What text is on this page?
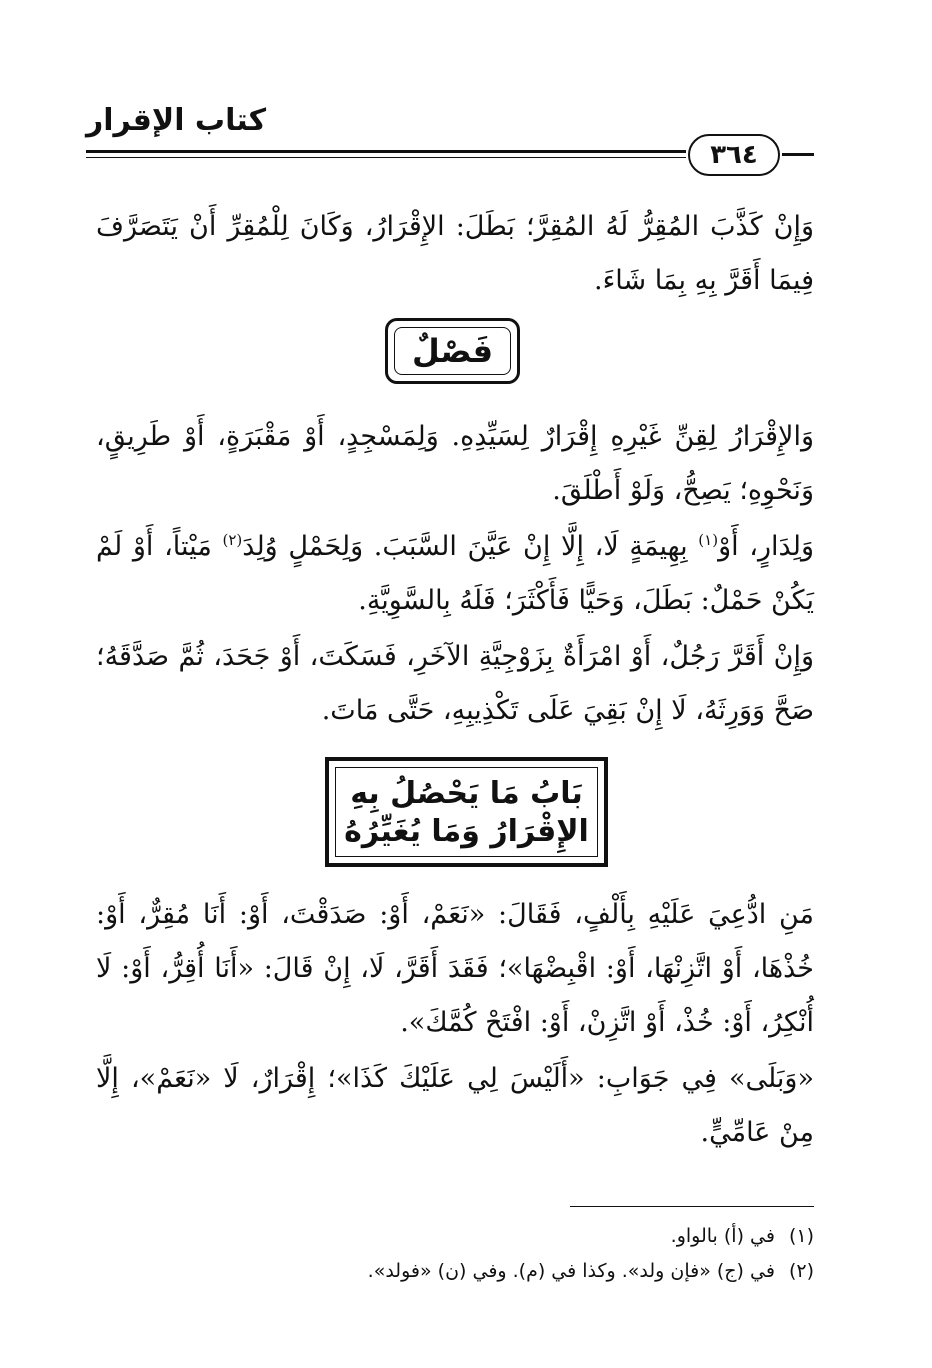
كتاب الإقرار
٣٦٤
وَإِنْ كَذَّبَ المُقِرُّ لَهُ المُقِرَّ؛ بَطَلَ: الإِقْرَارُ، وَكَانَ لِلْمُقِرِّ أَنْ يَتَصَرَّفَ فِيمَا أَقَرَّ بِهِ بِمَا شَاءَ.
فَصْلٌ
وَالإِقْرَارُ لِقِنِّ غَيْرِهِ إِقْرَارٌ لِسَيِّدِهِ. وَلِمَسْجِدٍ، أَوْ مَقْبَرَةٍ، أَوْ طَرِيقٍ، وَنَحْوِهِ؛ يَصِحُّ، وَلَوْ أَطْلَقَ.
وَلِدَارٍ، أَوْ$^{(١)}$ بِهِيمَةٍ لَا، إِلَّا إِنْ عَيَّنَ السَّبَبَ. وَلِحَمْلٍ وُلِدَ$^{(٢)}$ مَيْتاً، أَوْ لَمْ يَكُنْ حَمْلٌ: بَطَلَ، وَحَيًّا فَأَكْثَرَ؛ فَلَهُ بِالسَّوِيَّةِ.
وَإِنْ أَقَرَّ رَجُلٌ، أَوْ امْرَأَةٌ بِزَوْجِيَّةِ الآخَرِ، فَسَكَتَ، أَوْ جَحَدَ، ثُمَّ صَدَّقَهُ؛ صَحَّ وَوَرِثَهُ، لَا إِنْ بَقِيَ عَلَى تَكْذِيبِهِ، حَتَّى مَاتَ.
بَابُ مَا يَحْصُلُ بِهِ
الإِقْرَارُ وَمَا يُغَيِّرُهُ
مَنِ ادُّعِيَ عَلَيْهِ بِأَلْفٍ، فَقَالَ: «نَعَمْ، أَوْ: صَدَقْتَ، أَوْ: أَنَا مُقِرٌّ، أَوْ: خُذْهَا، أَوْ اتَّزِنْهَا، أَوْ: اقْبِضْهَا»؛ فَقَدَ أَقَرَّ، لَا، إِنْ قَالَ: «أَنَا أُقِرُّ، أَوْ: لَا أُنْكِرُ، أَوْ: خُذْ، أَوْ اتَّزِنْ، أَوْ: افْتَحْ كُمَّكَ».
«وَبَلَى» فِي جَوَابِ: «أَلَيْسَ لِي عَلَيْكَ كَذَا»؛ إِقْرَارٌ، لَا «نَعَمْ»، إِلَّا مِنْ عَامِّيٍّ.
(١)في (أ) بالواو.
(٢)في (ج) «فإن ولد». وكذا في (م). وفي (ن) «فولد».
